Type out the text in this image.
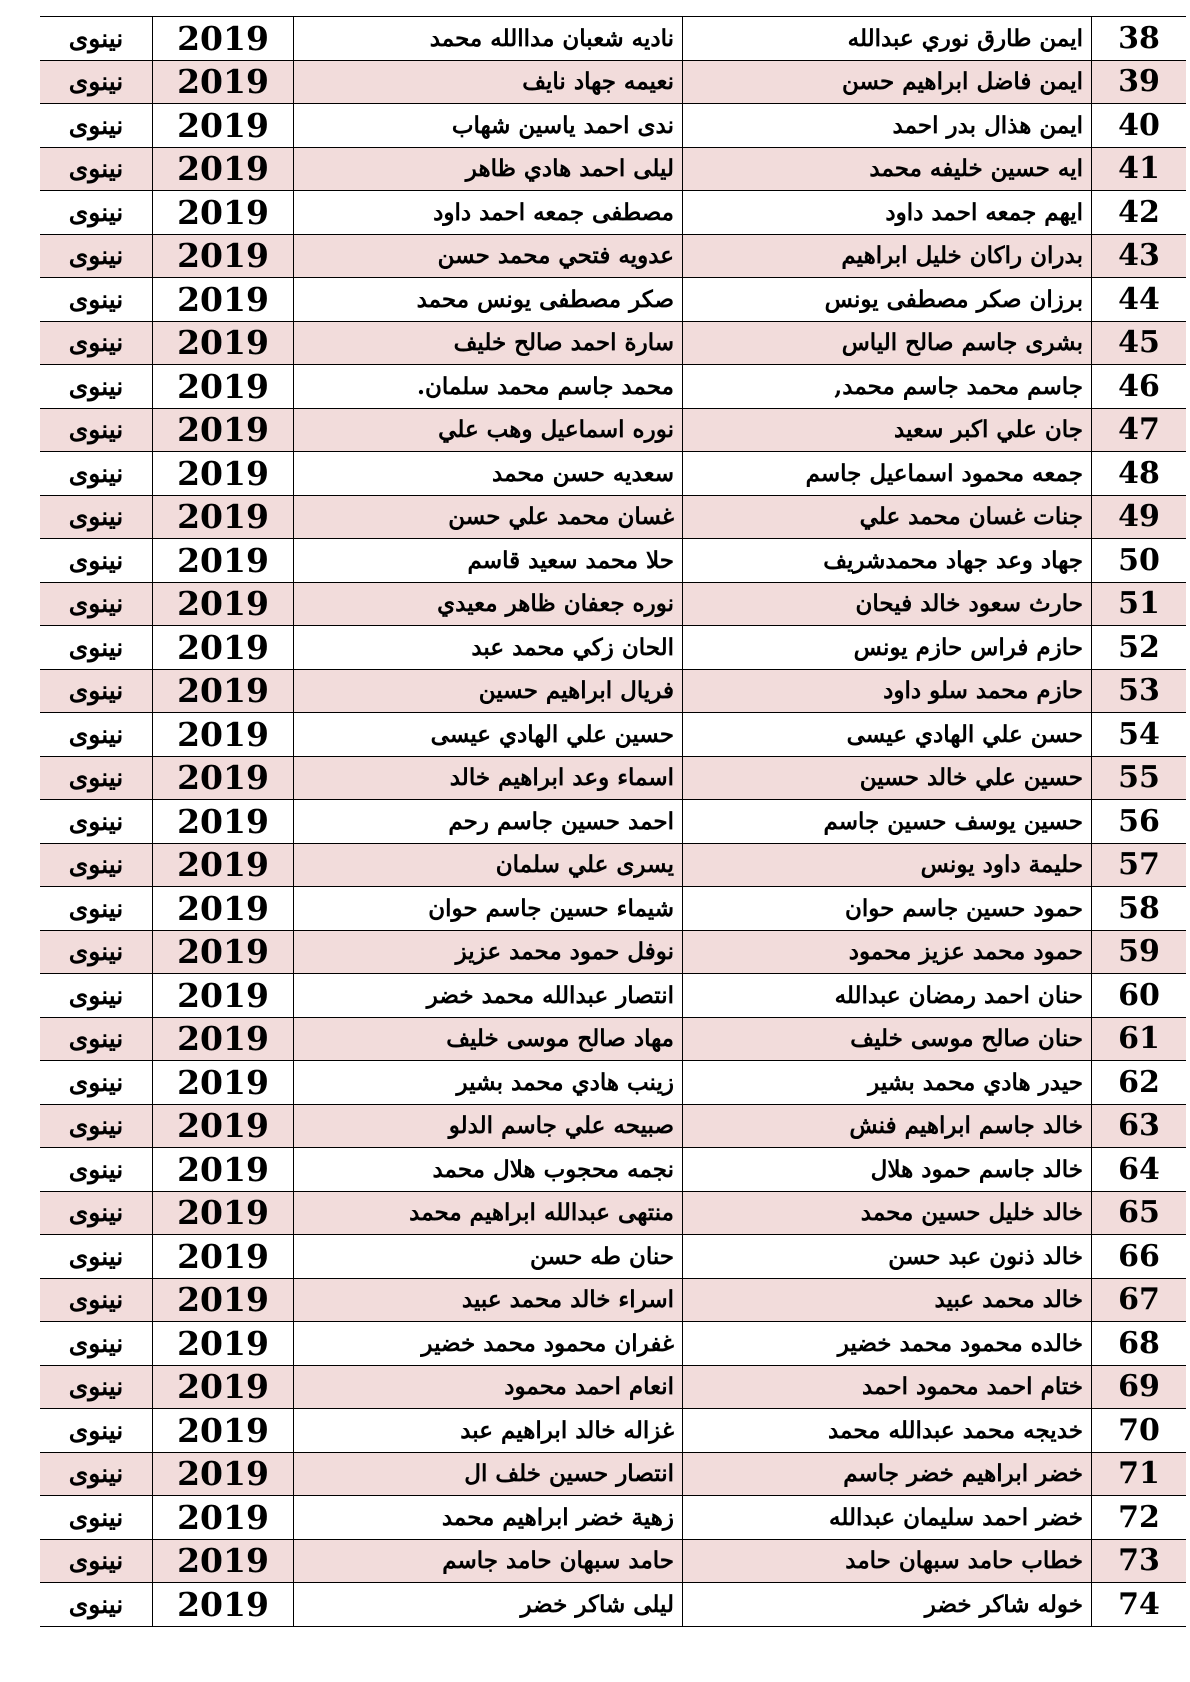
نينوى	2019	ناديه شعبان مداالله محمد	ايمن طارق نوري عبدالله	38
نينوى	2019	نعيمه جهاد نايف	ايمن فاضل ابراهيم حسن	39
نينوى	2019	ندى احمد ياسين شهاب	ايمن هذال بدر احمد	40
نينوى	2019	ليلى احمد هادي ظاهر	ايه حسين خليفه محمد	41
نينوى	2019	مصطفى جمعه احمد داود	ايهم جمعه احمد داود	42
نينوى	2019	عدويه فتحي محمد حسن	بدران راكان خليل ابراهيم	43
نينوى	2019	صكر مصطفى يونس محمد	برزان صكر مصطفى يونس	44
نينوى	2019	سارة احمد صالح خليف	بشرى جاسم صالح الياس	45
نينوى	2019	محمد جاسم محمد سلمان.	جاسم محمد جاسم محمد,	46
نينوى	2019	نوره اسماعيل وهب علي	جان علي اكبر سعيد	47
نينوى	2019	سعديه حسن محمد	جمعه محمود اسماعيل جاسم	48
نينوى	2019	غسان محمد علي حسن	جنات غسان محمد علي	49
نينوى	2019	حلا محمد سعيد قاسم	جهاد وعد جهاد محمدشريف	50
نينوى	2019	نوره جعفان ظاهر معيدي	حارث سعود خالد فيحان	51
نينوى	2019	الحان زكي محمد عبد	حازم فراس حازم يونس	52
نينوى	2019	فريال ابراهيم حسين	حازم محمد سلو داود	53
نينوى	2019	حسين علي الهادي عيسى	حسن علي الهادي عيسى	54
نينوى	2019	اسماء وعد ابراهيم خالد	حسين علي خالد حسين	55
نينوى	2019	احمد حسين جاسم رحم	حسين يوسف حسين جاسم	56
نينوى	2019	يسرى علي سلمان	حليمة داود يونس	57
نينوى	2019	شيماء حسين جاسم حوان	حمود حسين جاسم حوان	58
نينوى	2019	نوفل حمود محمد عزيز	حمود محمد عزيز محمود	59
نينوى	2019	انتصار عبدالله محمد خضر	حنان احمد رمضان عبدالله	60
نينوى	2019	مهاد صالح موسى خليف	حنان صالح موسى خليف	61
نينوى	2019	زينب هادي محمد بشير	حيدر هادي محمد بشير	62
نينوى	2019	صبيحه علي جاسم الدلو	خالد جاسم ابراهيم فنش	63
نينوى	2019	نجمه محجوب هلال محمد	خالد جاسم حمود هلال	64
نينوى	2019	منتهى عبدالله ابراهيم محمد	خالد خليل حسين محمد	65
نينوى	2019	حنان طه حسن	خالد ذنون عبد حسن	66
نينوى	2019	اسراء خالد محمد عبيد	خالد محمد عبيد	67
نينوى	2019	غفران محمود محمد خضير	خالده محمود محمد خضير	68
نينوى	2019	انعام احمد محمود	ختام احمد محمود احمد	69
نينوى	2019	غزاله خالد ابراهيم عبد	خديجه محمد عبدالله محمد	70
نينوى	2019	انتصار حسين خلف ال	خضر ابراهيم خضر جاسم	71
نينوى	2019	زهية خضر ابراهيم محمد	خضر احمد سليمان عبدالله	72
نينوى	2019	حامد سبهان حامد جاسم	خطاب حامد سبهان حامد	73
نينوى	2019	ليلى شاكر خضر	خوله شاكر خضر	74
